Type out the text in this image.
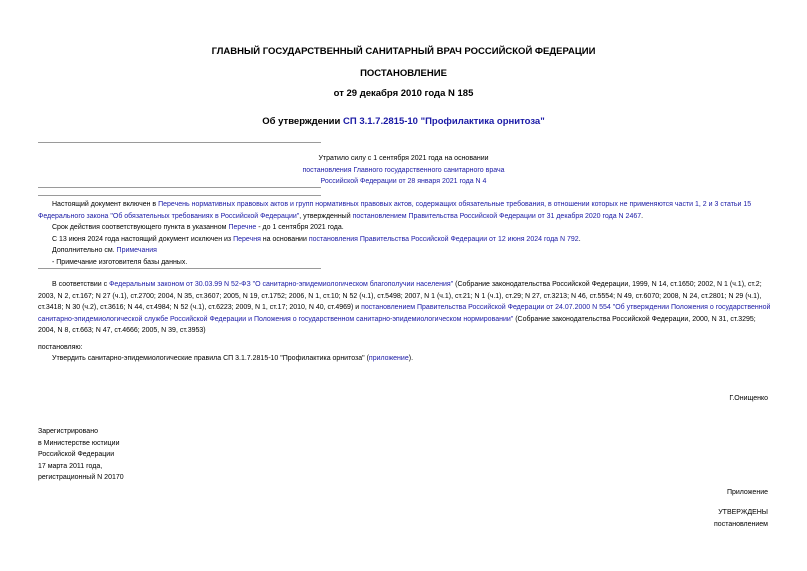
ГЛАВНЫЙ ГОСУДАРСТВЕННЫЙ САНИТАРНЫЙ ВРАЧ РОССИЙСКОЙ ФЕДЕРАЦИИ
ПОСТАНОВЛЕНИЕ
от 29 декабря 2010 года N 185
Об утверждении СП 3.1.7.2815-10 "Профилактика орнитоза"
Утратило силу с 1 сентября 2021 года на основании
постановления Главного государственного санитарного врача
Российской Федерации от 28 января 2021 года N 4
Настоящий документ включен в Перечень нормативных правовых актов и групп нормативных правовых актов, содержащих обязательные требования, в отношении которых не применяются части 1, 2 и 3 статьи 15 Федерального закона "Об обязательных требованиях в Российской Федерации", утвержденный постановлением Правительства Российской Федерации от 31 декабря 2020 года N 2467.
Срок действия соответствующего пункта в указанном Перечне - до 1 сентября 2021 года.
С 13 июня 2024 года настоящий документ исключен из Перечня на основании постановления Правительства Российской Федерации от 12 июня 2024 года N 792.
Дополнительно см. Примечания
- Примечание изготовителя базы данных.
В соответствии с Федеральным законом от 30.03.99 N 52-ФЗ "О санитарно-эпидемиологическом благополучии населения" (Собрание законодательства Российской Федерации, 1999, N 14, ст.1650; 2002, N 1 (ч.1), ст.2; 2003, N 2, ст.167; N 27 (ч.1), ст.2700; 2004, N 35, ст.3607; 2005, N 19, ст.1752; 2006, N 1, ст.10; N 52 (ч.1), ст.5498; 2007, N 1 (ч.1), ст.21; N 1 (ч.1), ст.29; N 27, ст.3213; N 46, ст.5554; N 49, ст.6070; 2008, N 24, ст.2801; N 29 (ч.1), ст.3418; N 30 (ч.2), ст.3616; N 44, ст.4984; N 52 (ч.1), ст.6223; 2009, N 1, ст.17; 2010, N 40, ст.4969) и постановлением Правительства Российской Федерации от 24.07.2000 N 554 "Об утверждении Положения о государственной санитарно-эпидемиологической службе Российской Федерации и Положения о государственном санитарно-эпидемиологическом нормировании" (Собрание законодательства Российской Федерации, 2000, N 31, ст.3295; 2004, N 8, ст.663; N 47, ст.4666; 2005, N 39, ст.3953)
постановляю:
Утвердить санитарно-эпидемиологические правила СП 3.1.7.2815-10 "Профилактика орнитоза" (приложение).
Г.Онищенко
Зарегистрировано
в Министерстве юстиции
Российской Федерации
17 марта 2011 года,
регистрационный N 20170
Приложение
УТВЕРЖДЕНЫ
постановлением
